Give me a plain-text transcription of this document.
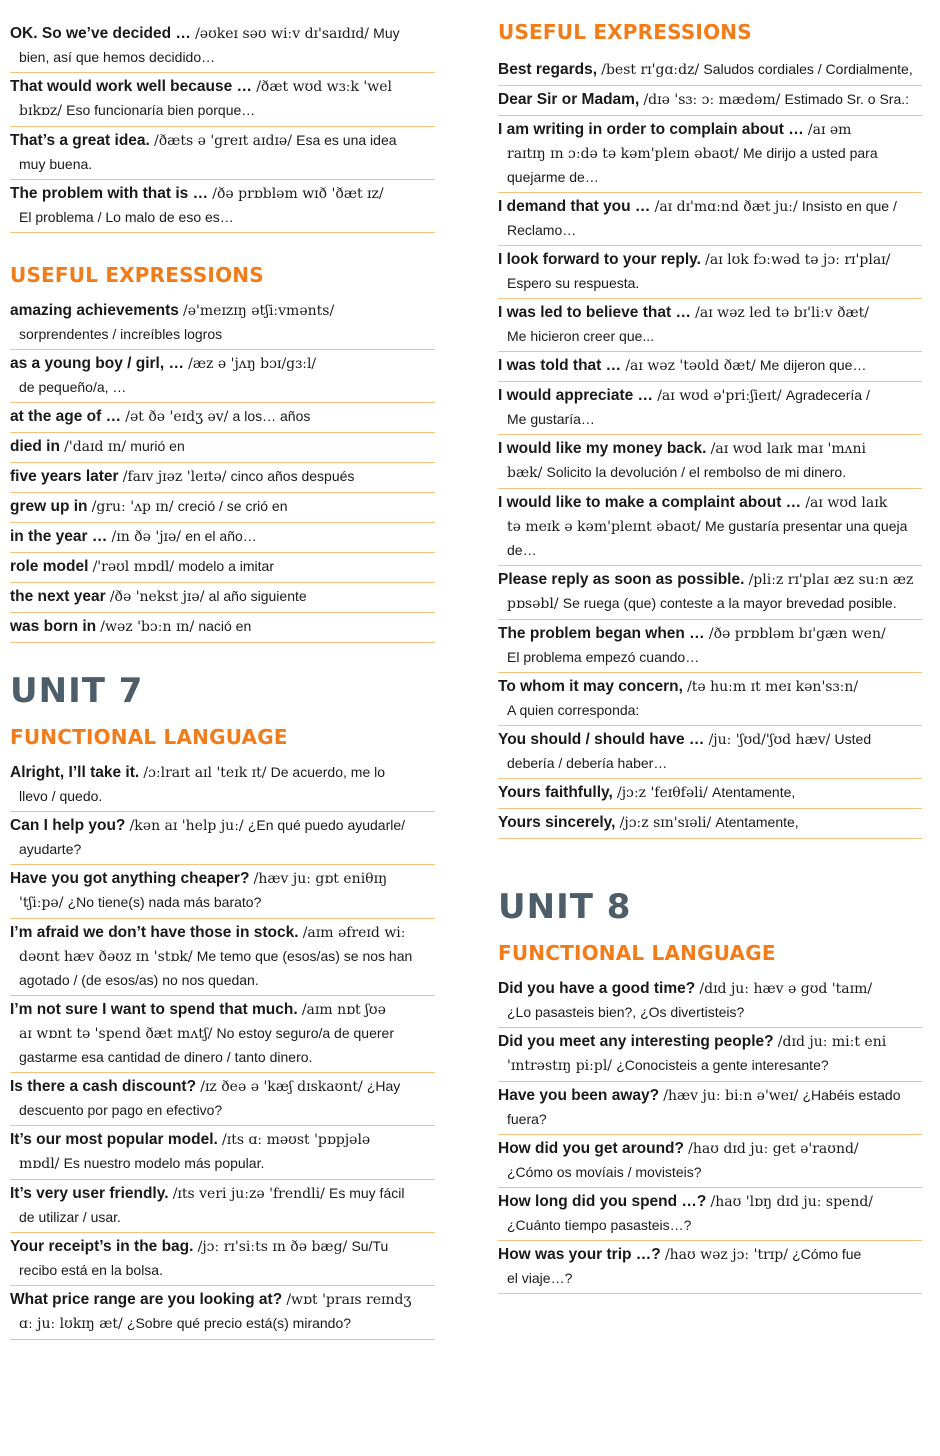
OK. So we’ve decided … /əʊkeɪ səʊ wiːv dɪ'saɪdɪd/ Muy
bien, así que hemos decidido…
That would work well because … /ðæt wʊd wɜːk 'wel
bɪkɒz/ Eso funcionaría bien porque…
That’s a great idea. /ðæts ə 'greɪt aɪdɪə/ Esa es una idea
muy buena.
The problem with that is … /ðə prɒbləm wɪð 'ðæt ɪz/
El problema / Lo malo de eso es…
USEFUL EXPRESSIONS
amazing achievements /ə'meɪzɪŋ ətʃiːvmənts/
sorprendentes / increíbles logros
as a young boy / girl, … /æz ə 'jʌŋ bɔɪ/gɜːl/
de pequeño/a, …
at the age of … /ət ðə 'eɪdʒ əv/ a los… años
died in /'daɪd ɪn/ murió en
five years later /faɪv jɪəz 'leɪtə/ cinco años después
grew up in /gruː 'ʌp ɪn/ creció / se crió en
in the year … /ɪn ðə 'jɪə/ en el año…
role model /'rəʊl mɒdl/ modelo a imitar
the next year /ðə 'nekst jɪə/ al año siguiente
was born in /wəz 'bɔːn ɪn/ nació en
UNIT 7
FUNCTIONAL LANGUAGE
Alright, I’ll take it. /ɔːlraɪt aɪl 'teɪk ɪt/ De acuerdo, me lo
llevo / quedo.
Can I help you? /kən aɪ 'help juː/ ¿En qué puedo ayudarle/
ayudarte?
Have you got anything cheaper? /hæv juː gɒt eniθɪŋ
'tʃiːpə/ ¿No tiene(s) nada más barato?
I’m afraid we don’t have those in stock. /aɪm əfreɪd wiː
dəʊnt hæv ðəʊz ɪn 'stɒk/ Me temo que (esos/as) se nos han agotado / (de esos/as) no nos quedan.
I’m not sure I want to spend that much. /aɪm nɒt ʃʊə
aɪ wɒnt tə 'spend ðæt mʌtʃ/ No estoy seguro/a de querer gastarme esa cantidad de dinero / tanto dinero.
Is there a cash discount? /ɪz ðeə ə 'kæʃ dɪskaʊnt/ ¿Hay
descuento por pago en efectivo?
It’s our most popular model. /ɪts ɑː məʊst 'pɒpjələ
mɒdl/ Es nuestro modelo más popular.
It’s very user friendly. /ɪts veri juːzə 'frendli/ Es muy fácil
de utilizar / usar.
Your receipt’s in the bag. /jɔː rɪ'siːts ɪn ðə bæg/ Su/Tu
recibo está en la bolsa.
What price range are you looking at? /wɒt 'praɪs reɪndʒ
ɑː juː lʊkɪŋ æt/ ¿Sobre qué precio está(s) mirando?
USEFUL EXPRESSIONS
Best regards, /best rɪ'gɑːdz/ Saludos cordiales / Cordialmente,
Dear Sir or Madam, /dɪə 'sɜː ɔː mædəm/ Estimado Sr. o Sra.:
I am writing in order to complain about … /aɪ əm
raɪtɪŋ ɪn ɔːdə tə kəm'pleɪn əbaʊt/ Me dirijo a usted para quejarme de…
I demand that you … /aɪ dɪ'mɑːnd ðæt juː/ Insisto en que /
Reclamo…
I look forward to your reply. /aɪ lʊk fɔːwəd tə jɔː rɪ'plaɪ/
Espero su respuesta.
I was led to believe that … /aɪ wəz led tə bɪ'liːv ðæt/
Me hicieron creer que...
I was told that … /aɪ wəz 'təʊld ðæt/ Me dijeron que…
I would appreciate … /aɪ wʊd ə'priːʃieɪt/ Agradecería /
Me gustaría…
I would like my money back. /aɪ wʊd laɪk maɪ 'mʌni
bæk/ Solicito la devolución / el rembolso de mi dinero.
I would like to make a complaint about … /aɪ wʊd laɪk
tə meɪk ə kəm'pleɪnt əbaʊt/ Me gustaría presentar una queja de…
Please reply as soon as possible. /pliːz rɪ'plaɪ æz suːn æz
pɒsəbl/ Se ruega (que) conteste a la mayor brevedad posible.
The problem began when … /ðə prɒbləm bɪ'gæn wen/
El problema empezó cuando…
To whom it may concern, /tə huːm ɪt meɪ kən'sɜːn/
A quien corresponda:
You should / should have … /juː 'ʃʊd/'ʃʊd hæv/ Usted
debería / debería haber…
Yours faithfully, /jɔːz 'feɪθfəli/ Atentamente,
Yours sincerely, /jɔːz sɪn'sɪəli/ Atentamente,
UNIT 8
FUNCTIONAL LANGUAGE
Did you have a good time? /dɪd juː hæv ə gʊd 'taɪm/
¿Lo pasasteis bien?, ¿Os divertisteis?
Did you meet any interesting people? /dɪd juː miːt eni
'ɪntrəstɪŋ piːpl/ ¿Conocisteis a gente interesante?
Have you been away? /hæv juː biːn ə'weɪ/ ¿Habéis estado
fuera?
How did you get around? /haʊ dɪd juː get ə'raʊnd/
¿Cómo os movíais / movisteis?
How long did you spend …? /haʊ 'lɒŋ dɪd juː spend/
¿Cuánto tiempo pasasteis…?
How was your trip …? /haʊ wəz jɔː 'trɪp/ ¿Cómo fue
el viaje…?
